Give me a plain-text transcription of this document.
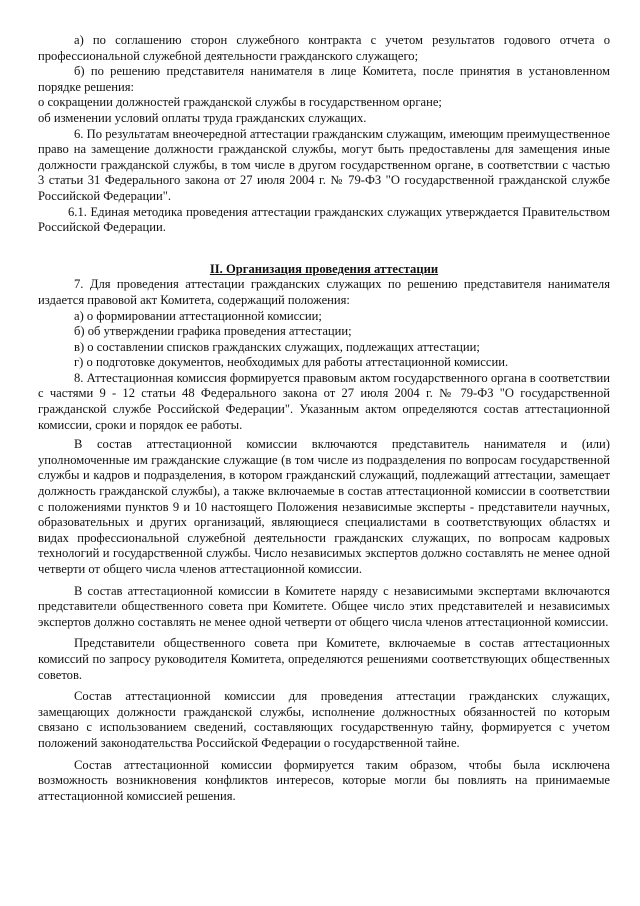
а) по соглашению сторон служебного контракта с учетом результатов годового отчета о профессиональной служебной деятельности гражданского служащего;

б) по решению представителя нанимателя в лице Комитета, после принятия в установленном порядке решения:

о сокращении должностей гражданской службы в государственном органе;

об изменении условий оплаты труда гражданских служащих.

6. По результатам внеочередной аттестации гражданским служащим, имеющим преимущественное право на замещение должности гражданской службы, могут быть предоставлены для замещения иные должности гражданской службы, в том числе в другом государственном органе, в соответствии с частью 3 статьи 31 Федерального закона от 27 июля 2004 г. № 79-ФЗ "О государственной гражданской службе Российской Федерации".

6.1. Единая методика проведения аттестации гражданских служащих утверждается Правительством Российской Федерации.

II. Организация проведения аттестации

7. Для проведения аттестации гражданских служащих по решению представителя нанимателя издается правовой акт Комитета, содержащий положения:

а) о формировании аттестационной комиссии;

б) об утверждении графика проведения аттестации;

в) о составлении списков гражданских служащих, подлежащих аттестации;

г) о подготовке документов, необходимых для работы аттестационной комиссии.

8. Аттестационная комиссия формируется правовым актом государственного органа в соответствии с частями 9 - 12 статьи 48 Федерального закона от 27 июля 2004 г. № 79-ФЗ "О государственной гражданской службе Российской Федерации". Указанным актом определяются состав аттестационной комиссии, сроки и порядок ее работы.

В состав аттестационной комиссии включаются представитель нанимателя и (или) уполномоченные им гражданские служащие (в том числе из подразделения по вопросам государственной службы и кадров и подразделения, в котором гражданский служащий, подлежащий аттестации, замещает должность гражданской службы), а также включаемые в состав аттестационной комиссии в соответствии с положениями пунктов 9 и 10 настоящего Положения независимые эксперты - представители научных, образовательных и других организаций, являющиеся специалистами в соответствующих областях и видах профессиональной служебной деятельности гражданских служащих, по вопросам кадровых технологий и государственной службы. Число независимых экспертов должно составлять не менее одной четверти от общего числа членов аттестационной комиссии.

В состав аттестационной комиссии в Комитете наряду с независимыми экспертами включаются представители общественного совета при Комитете. Общее число этих представителей и независимых экспертов должно составлять не менее одной четверти от общего числа членов аттестационной комиссии.

Представители общественного совета при Комитете, включаемые в состав аттестационных комиссий по запросу руководителя Комитета, определяются решениями соответствующих общественных советов.

Состав аттестационной комиссии для проведения аттестации гражданских служащих, замещающих должности гражданской службы, исполнение должностных обязанностей по которым связано с использованием сведений, составляющих государственную тайну, формируется с учетом положений законодательства Российской Федерации о государственной тайне.

Состав аттестационной комиссии формируется таким образом, чтобы была исключена возможность возникновения конфликтов интересов, которые могли бы повлиять на принимаемые аттестационной комиссией решения.
